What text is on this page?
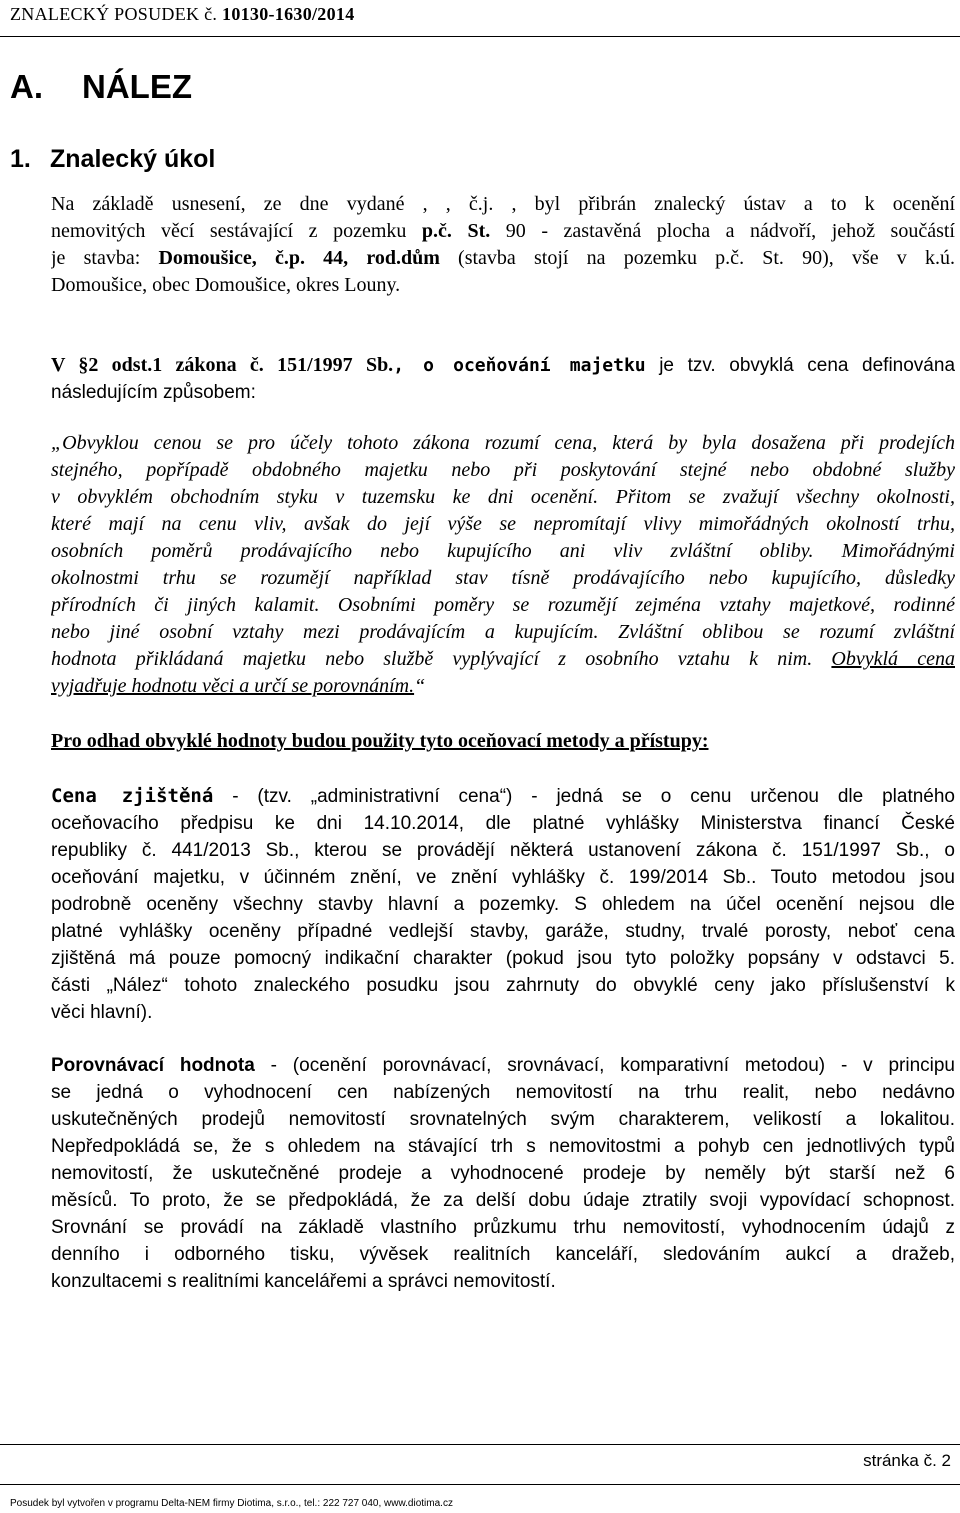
ZNALECKÝ POSUDEK č. 10130-1630/2014
A. NÁLEZ
1. Znalecký úkol
Na základě usnesení, ze dne vydané , , č.j. , byl přibrán znalecký ústav a to k ocenění
nemovitých věcí sestávající z pozemku p.č. St. 90 - zastavěná plocha a nádvoří, jehož součástí
je stavba: Domoušice, č.p. 44, rod.dům (stavba stojí na pozemku p.č. St. 90), vše v k.ú.
Domoušice, obec Domoušice, okres Louny.
V §2 odst.1 zákona č. 151/1997 Sb., o oceňování majetku je tzv. obvyklá cena definována
následujícím způsobem:
„Obvyklou cenou se pro účely tohoto zákona rozumí cena, která by byla dosažena při prodejích
stejného, popřípadě obdobného majetku nebo při poskytování stejné nebo obdobné služby
v obvyklém obchodním styku v tuzemsku ke dni ocenění. Přitom se zvažují všechny okolnosti,
které mají na cenu vliv, avšak do její výše se nepromítají vlivy mimořádných okolností trhu,
osobních poměrů prodávajícího nebo kupujícího ani vliv zvláštní obliby. Mimořádnými
okolnostmi trhu se rozumějí například stav tísně prodávajícího nebo kupujícího, důsledky
přírodních či jiných kalamit. Osobními poměry se rozumějí zejména vztahy majetkové, rodinné
nebo jiné osobní vztahy mezi prodávajícím a kupujícím. Zvláštní oblibou se rozumí zvláštní
hodnota přikládaná majetku nebo službě vyplývající z osobního vztahu k nim. Obvyklá cena
vyjadřuje hodnotu věci a určí se porovnáním.“
Pro odhad obvyklé hodnoty budou použity tyto oceňovací metody a přístupy:
Cena zjištěná - (tzv. „administrativní cena“) - jedná se o cenu určenou dle platného
oceňovacího předpisu ke dni 14.10.2014, dle platné vyhlášky Ministerstva financí České
republiky č. 441/2013 Sb., kterou se provádějí některá ustanovení zákona č. 151/1997 Sb., o
oceňování majetku, v účinném znění, ve znění vyhlášky č. 199/2014 Sb.. Touto metodou jsou
podrobně oceněny všechny stavby hlavní a pozemky. S ohledem na účel ocenění nejsou dle
platné vyhlášky oceněny případné vedlejší stavby, garáže, studny, trvalé porosty, neboť cena
zjištěná má pouze pomocný indikační charakter (pokud jsou tyto položky popsány v odstavci 5.
části „Nález“ tohoto znaleckého posudku jsou zahrnuty do obvyklé ceny jako příslušenství k
věci hlavní).
Porovnávací hodnota - (ocenění porovnávací, srovnávací, komparativní metodou) - v principu
se jedná o vyhodnocení cen nabízených nemovitostí na trhu realit, nebo nedávno
uskutečněných prodejů nemovitostí srovnatelných svým charakterem, velikostí a lokalitou.
Nepředpokládá se, že s ohledem na stávající trh s nemovitostmi a pohyb cen jednotlivých typů
nemovitostí, že uskutečněné prodeje a vyhodnocené prodeje by neměly být starší než 6
měsíců. To proto, že se předpokládá, že za delší dobu údaje ztratily svoji vypovídací schopnost.
Srovnání se provádí na základě vlastního průzkumu trhu nemovitostí, vyhodnocením údajů z
denního i odborného tisku, vývěsek realitních kanceláří, sledováním aukcí a dražeb,
konzultacemi s realitními kancelářemi a správci nemovitostí.
stránka č. 2
Posudek byl vytvořen v programu Delta-NEM firmy Diotima, s.r.o., tel.: 222 727 040, www.diotima.cz
